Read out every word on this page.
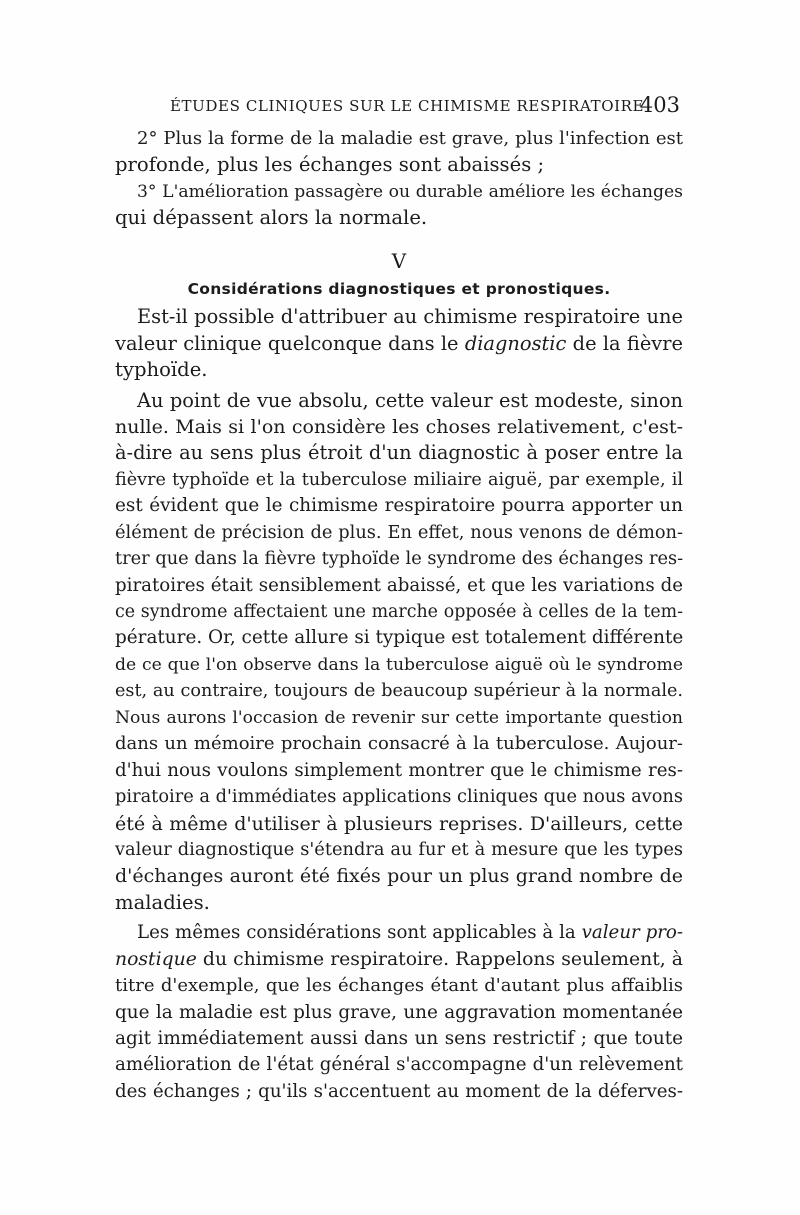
ÉTUDES CLINIQUES SUR LE CHIMISME RESPIRATOIRE
403
2° Plus la forme de la maladie est grave, plus l'infection est
profonde, plus les échanges sont abaissés ;
3° L'amélioration passagère ou durable améliore les échanges
qui dépassent alors la normale.
V
Considérations diagnostiques et pronostiques.
Est-il possible d'attribuer au chimisme respiratoire une
valeur clinique quelconque dans le diagnostic de la fièvre
typhoïde.
Au point de vue absolu, cette valeur est modeste, sinon
nulle. Mais si l'on considère les choses relativement, c'est-
à-dire au sens plus étroit d'un diagnostic à poser entre la
fièvre typhoïde et la tuberculose miliaire aiguë, par exemple, il
est évident que le chimisme respiratoire pourra apporter un
élément de précision de plus. En effet, nous venons de démon-
trer que dans la fièvre typhoïde le syndrome des échanges res-
piratoires était sensiblement abaissé, et que les variations de
ce syndrome affectaient une marche opposée à celles de la tem-
pérature. Or, cette allure si typique est totalement différente
de ce que l'on observe dans la tuberculose aiguë où le syndrome
est, au contraire, toujours de beaucoup supérieur à la normale.
Nous aurons l'occasion de revenir sur cette importante question
dans un mémoire prochain consacré à la tuberculose. Aujour-
d'hui nous voulons simplement montrer que le chimisme res-
piratoire a d'immédiates applications cliniques que nous avons
été à même d'utiliser à plusieurs reprises. D'ailleurs, cette
valeur diagnostique s'étendra au fur et à mesure que les types
d'échanges auront été fixés pour un plus grand nombre de
maladies.
Les mêmes considérations sont applicables à la valeur pro-
nostique du chimisme respiratoire. Rappelons seulement, à
titre d'exemple, que les échanges étant d'autant plus affaiblis
que la maladie est plus grave, une aggravation momentanée
agit immédiatement aussi dans un sens restrictif ; que toute
amélioration de l'état général s'accompagne d'un relèvement
des échanges ; qu'ils s'accentuent au moment de la déferves-
